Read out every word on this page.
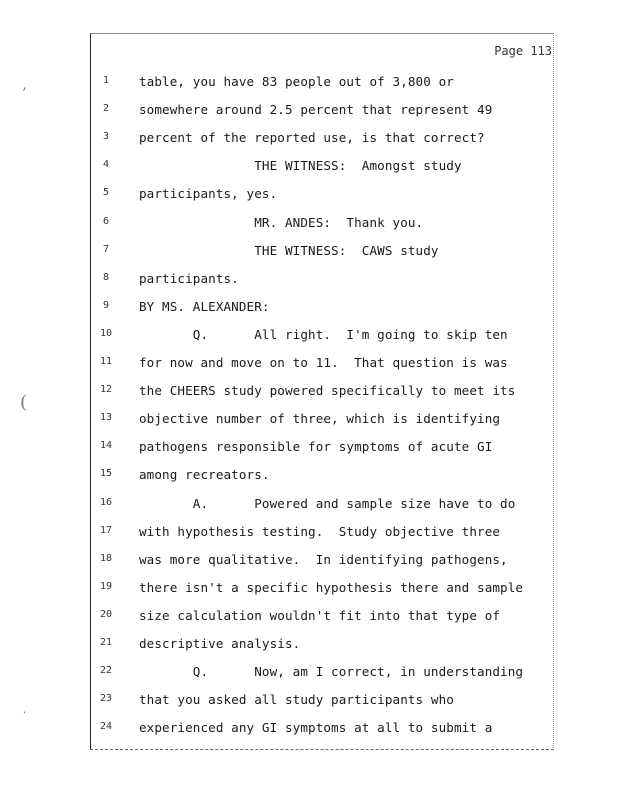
’
(
ˑ
Page 113
1	table, you have 83 people out of 3,800 or
2	somewhere around 2.5 percent that represent 49
3	percent of the reported use, is that correct?
4	THE WITNESS:  Amongst study
5	participants, yes.
6	MR. ANDES:  Thank you.
7	THE WITNESS:  CAWS study
8	participants.
9	BY MS. ALEXANDER:
10	Q.      All right.  I'm going to skip ten
11	for now and move on to 11.  That question is was
12	the CHEERS study powered specifically to meet its
13	objective number of three, which is identifying
14	pathogens responsible for symptoms of acute GI
15	among recreators.
16	A.      Powered and sample size have to do
17	with hypothesis testing.  Study objective three
18	was more qualitative.  In identifying pathogens,
19	there isn't a specific hypothesis there and sample
20	size calculation wouldn't fit into that type of
21	descriptive analysis.
22	Q.      Now, am I correct, in understanding
23	that you asked all study participants who
24	experienced any GI symptoms at all to submit a
